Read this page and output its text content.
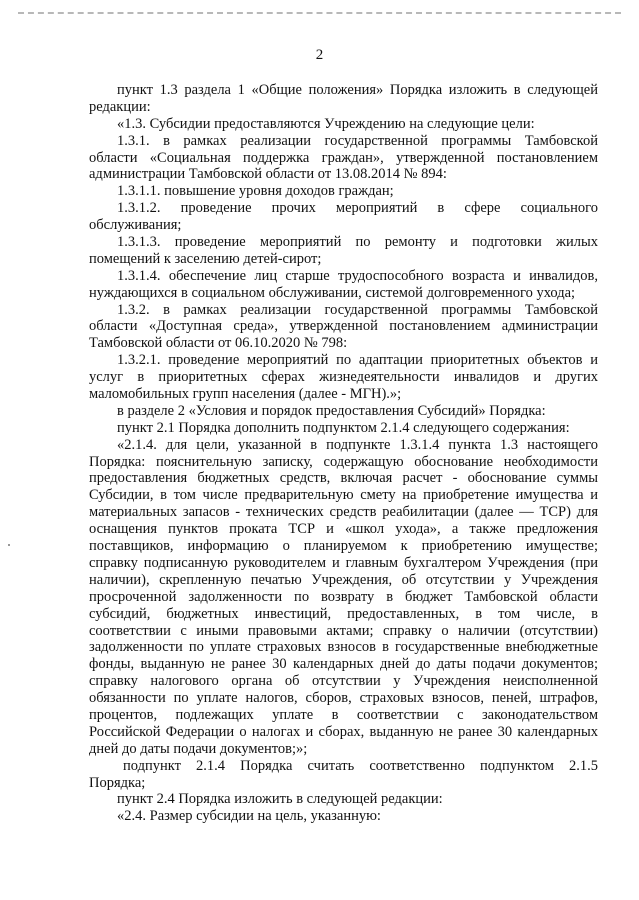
2
пункт 1.3 раздела 1 «Общие положения» Порядка изложить в следующей
редакции:
«1.3. Субсидии предоставляются Учреждению на следующие цели:
1.3.1. в рамках реализации государственной программы Тамбовской
области «Социальная поддержка граждан», утвержденной постановлением
администрации Тамбовской области от 13.08.2014 № 894:
1.3.1.1. повышение уровня доходов граждан;
1.3.1.2. проведение прочих мероприятий в сфере социального
обслуживания;
1.3.1.3. проведение мероприятий по ремонту и подготовки жилых
помещений к заселению детей-сирот;
1.3.1.4. обеспечение лиц старше трудоспособного возраста и инвалидов,
нуждающихся в социальном обслуживании, системой долговременного ухода;
1.3.2. в рамках реализации государственной программы Тамбовской
области «Доступная среда», утвержденной постановлением администрации
Тамбовской области от 06.10.2020 № 798:
1.3.2.1. проведение мероприятий по адаптации приоритетных объектов и
услуг в приоритетных сферах жизнедеятельности инвалидов и других
маломобильных групп населения (далее - МГН).»;
в разделе 2 «Условия и порядок предоставления Субсидий» Порядка:
пункт 2.1 Порядка дополнить подпунктом 2.1.4 следующего содержания:
«2.1.4. для цели, указанной в подпункте 1.3.1.4 пункта 1.3 настоящего
Порядка: пояснительную записку, содержащую обоснование необходимости
предоставления бюджетных средств, включая расчет - обоснование суммы
Субсидии, в том числе предварительную смету на приобретение имущества и
материальных запасов - технических средств реабилитации (далее — ТСР) для
оснащения пунктов проката ТСР и «школ ухода», а также предложения
поставщиков, информацию о планируемом к приобретению имуществе;
справку подписанную руководителем и главным бухгалтером Учреждения (при
наличии), скрепленную печатью Учреждения, об отсутствии у Учреждения
просроченной задолженности по возврату в бюджет Тамбовской области
субсидий, бюджетных инвестиций, предоставленных, в том числе, в
соответствии с иными правовыми актами; справку о наличии (отсутствии)
задолженности по уплате страховых взносов в государственные внебюджетные
фонды, выданную не ранее 30 календарных дней до даты подачи документов;
справку налогового органа об отсутствии у Учреждения неисполненной
обязанности по уплате налогов, сборов, страховых взносов, пеней, штрафов,
процентов, подлежащих уплате в соответствии с законодательством
Российской Федерации о налогах и сборах, выданную не ранее 30 календарных
дней до даты подачи документов;»;
подпункт 2.1.4 Порядка считать соответственно подпунктом 2.1.5
Порядка;
пункт 2.4 Порядка изложить в следующей редакции:
«2.4. Размер субсидии на цель, указанную:
